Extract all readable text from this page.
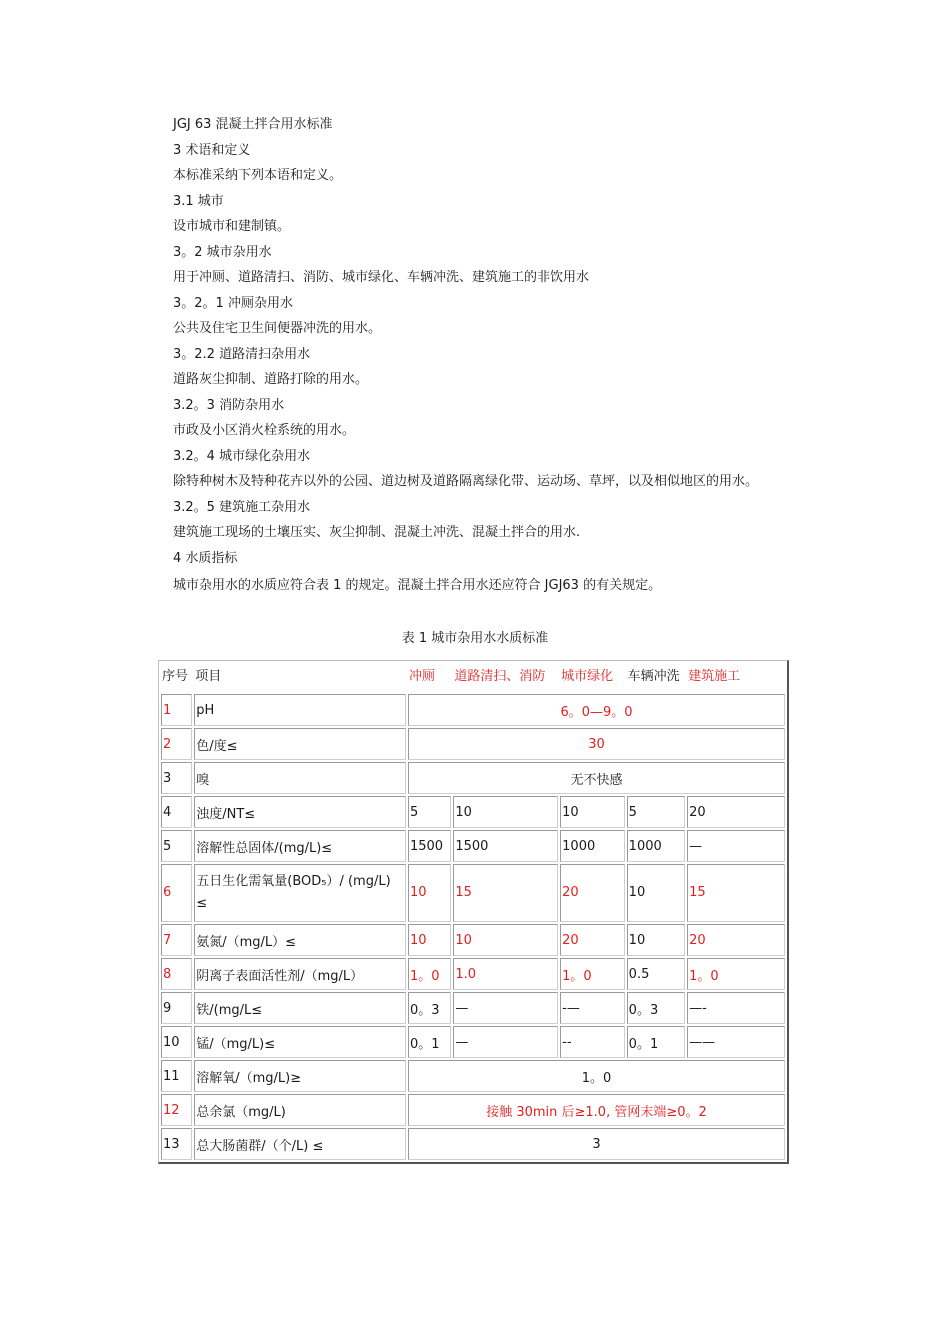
JGJ 63 混凝土拌合用水标准
3 术语和定义
本标准采纳下列本语和定义。
3.1 城市
设市城市和建制镇。
3。2 城市杂用水
用于冲厕、道路清扫、消防、城市绿化、车辆冲洗、建筑施工的非饮用水
3。2。1 冲厕杂用水
公共及住宅卫生间便器冲洗的用水。
3。2.2 道路清扫杂用水
道路灰尘抑制、道路打除的用水。
3.2。3 消防杂用水
市政及小区消火栓系统的用水。
3.2。4 城市绿化杂用水
除特种树木及特种花卉以外的公园、道边树及道路隔离绿化带、运动场、草坪，以及相似地区的用水。
3.2。5 建筑施工杂用水
建筑施工现场的土壤压实、灰尘抑制、混凝土冲洗、混凝土拌合的用水.
4 水质指标
城市杂用水的水质应符合表 1 的规定。混凝土拌合用水还应符合 JGJ63 的有关规定。
表 1 城市杂用水水质标准
序号	项目	冲厕	道路清扫、消防	城市绿化	车辆冲洗	建筑施工
1	pH	6。0—9。0				
2	色/度≤	30				
3	嗅	无不快感				
4	浊度/NT≤	5	10	10	5	20
5	溶解性总固体/(mg/L)≤	1500	1500	1000	1000	—
6	五日生化需氧量(BOD₅）/ (mg/L) ≤	10	15	20	10	15
7	氨氮/（mg/L）≤	10	10	20	10	20
8	阴离子表面活性剂/（mg/L）	1。0	1.0	1。0	0.5	1。0
9	铁/(mg/L≤	0。3	—	-—	0。3	—-
10	锰/（mg/L)≤	0。1	—	--	0。1	——
11	溶解氧/（mg/L)≥	1。0				
12	总余氯（mg/L)	接触 30min 后≥1.0, 管网末端≥0。2				
13	总大肠菌群/（个/L) ≤	3				
